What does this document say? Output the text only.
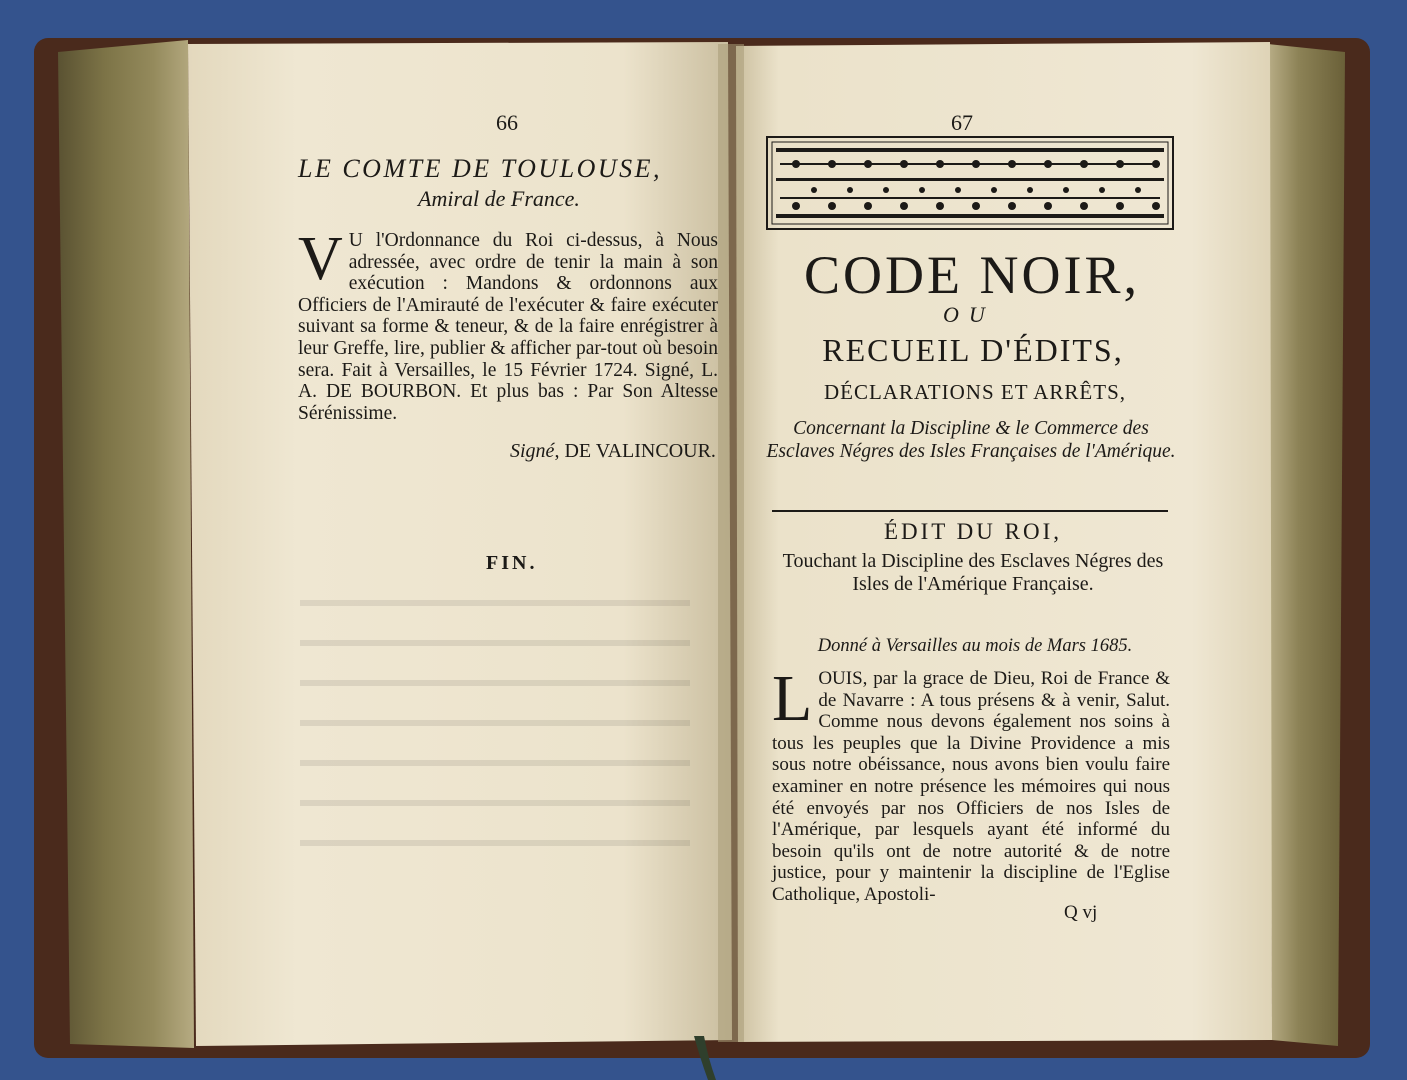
66
LE COMTE DE TOULOUSE,
Amiral de France.

V U l'Ordonnance du Roi ci-dessus, à Nous adressée, avec ordre de tenir la main à son exécution : Mandons & ordonnons aux Officiers de l'Amirauté de l'exécuter & faire exécuter suivant sa forme & teneur, & de la faire enrégistrer à leur Greffe, lire, publier & afficher par-tout où besoin sera. Fait à Versailles, le 15 Février 1724. Signé, L. A. DE BOURBON. Et plus bas : Par Son Altesse Sérénissime.

Signé, DE VALINCOUR.
FIN.
67
CODE NOIR,
OU
RECUEIL D'ÉDITS,
DÉCLARATIONS ET ARRÊTS,
Concernant la Discipline & le Commerce des Esclaves Négres des Isles Françaises de l'Amérique.
ÉDIT DU ROI,
Touchant la Discipline des Esclaves Négres des Isles de l'Amérique Française.
Donné à Versailles au mois de Mars 1685.

LOUIS, par la grace de Dieu, Roi de France & de Navarre : A tous présens & à venir, Salut. Comme nous devons également nos soins à tous les peuples que la Divine Providence a mis sous notre obéissance, nous avons bien voulu faire examiner en notre présence les mémoires qui nous été envoyés par nos Officiers de nos Isles de l'Amérique, par lesquels ayant été informé du besoin qu'ils ont de notre autorité & de notre justice, pour y maintenir la discipline de l'Eglise Catholique, Apostoli-

Q vj
